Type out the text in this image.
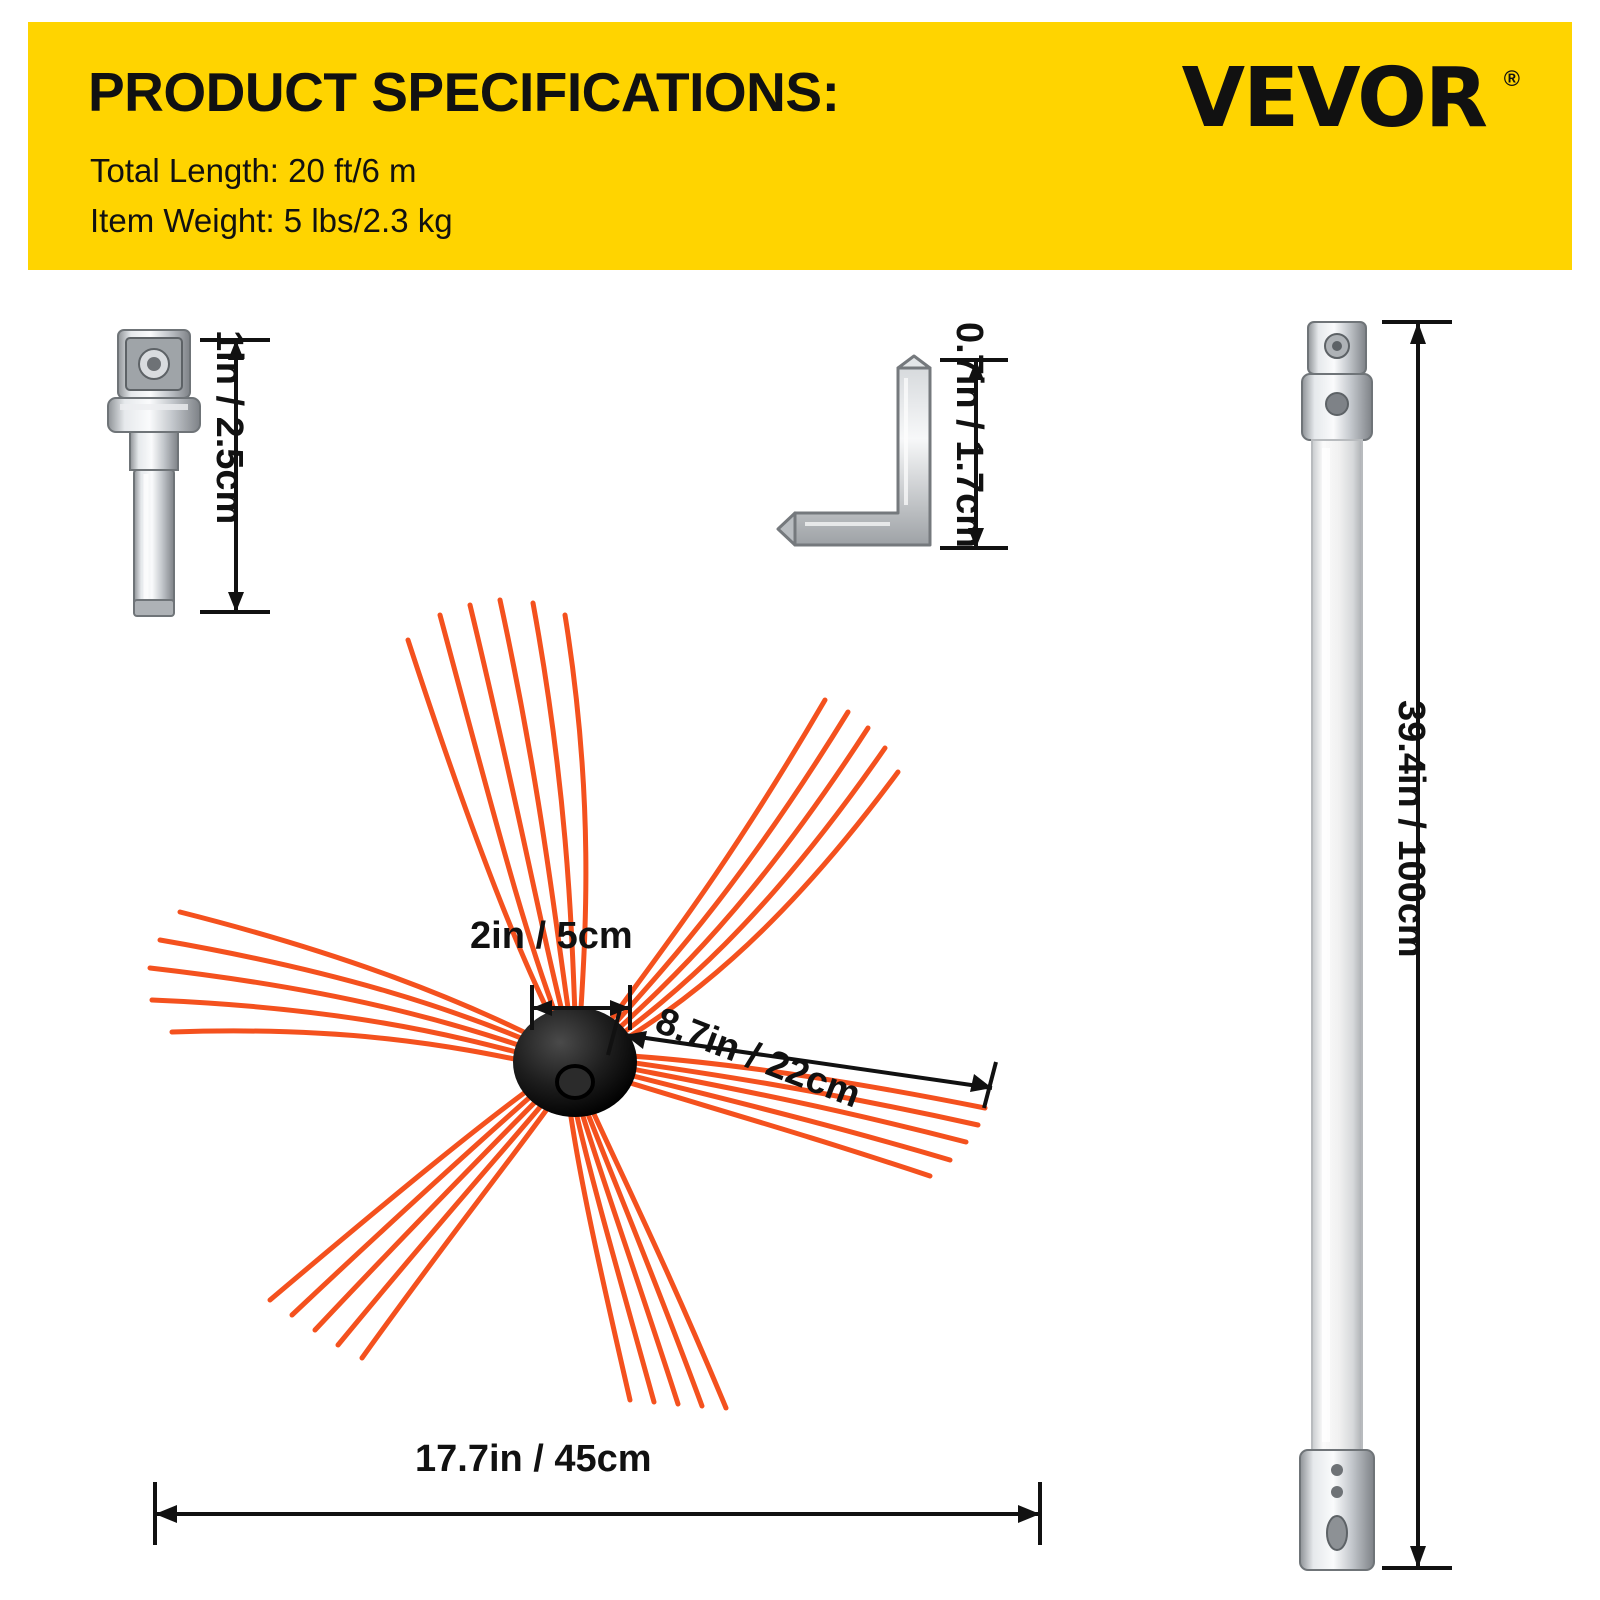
PRODUCT SPECIFICATIONS:
Total Length: 20 ft/6 m
Item Weight: 5 lbs/2.3 kg
VEVOR ®
1in / 2.5cm	0.7in / 1.7cm
2in / 5cm
8.7in / 22cm
17.7in / 45cm
39.4in / 100cm
